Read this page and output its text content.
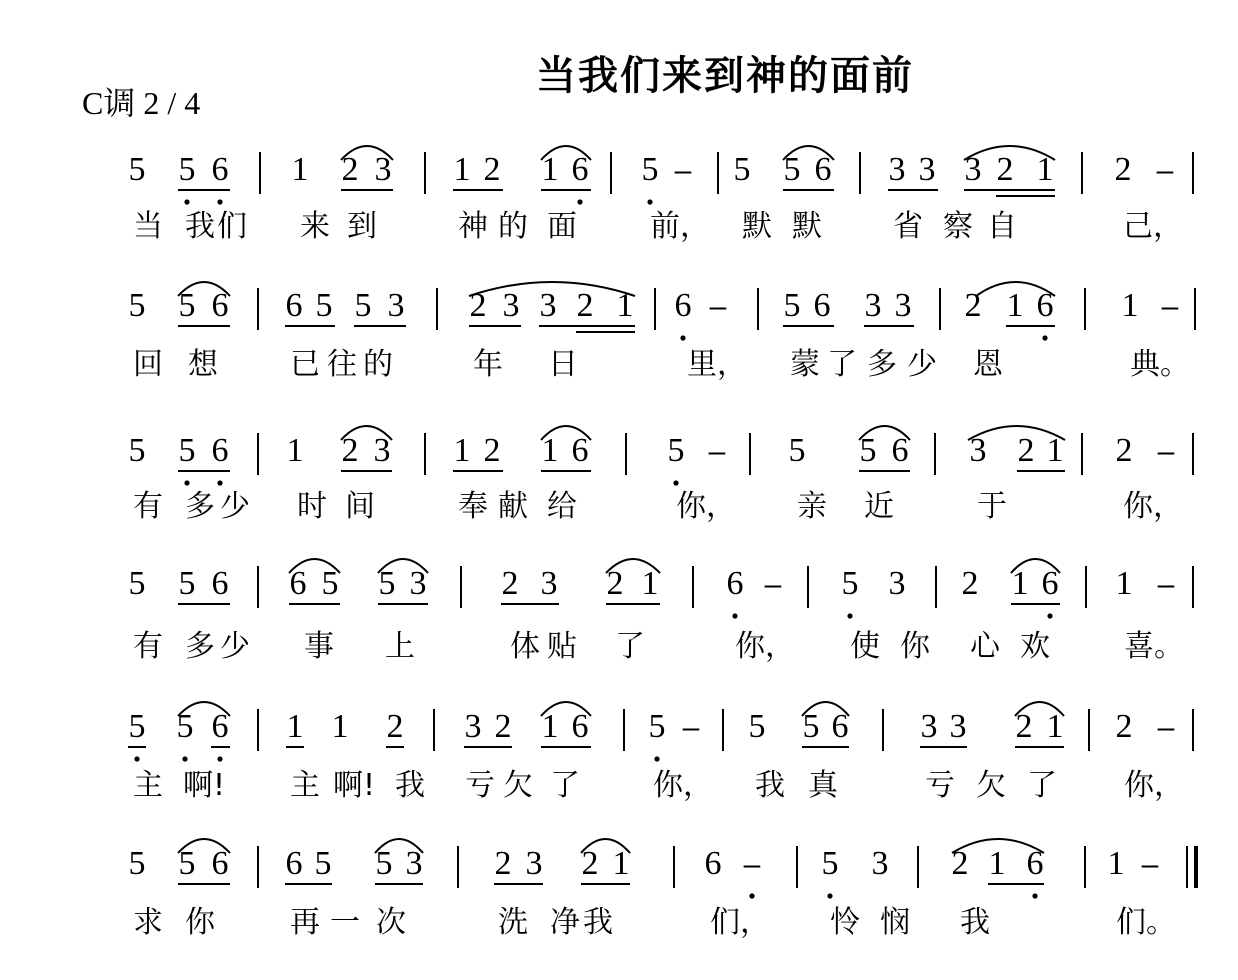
当我们来到神的面前
C调 2 / 4
5 5 6 1 2 3 1 2 1 6 5 – 5 5 6 3 3 3 2 1 2 –
当 我 们 来 到	神 的 面 前， 默 默 省 察 自	己，
5 5 6 6 5 5 3 2 3 3 2 1 6 – 5 6 3 3 2 1 6 1 –
回 想 已 往 的	年 日	里， 蒙 了 多 少 恩	典。
5 5 6 1 2 3 1 2 1 6 5 – 5 5 6 3 2 1 2 –
有 多 少 时 间	奉 献 给	你， 亲 近	于	你，
5 5 6 6 5 5 3 2 3 2 1 6 – 5 3 2 1 6 1 –
有 多 少 事 上	体 贴 了	你， 使 你 心 欢 喜。
5 5 6 1 1 2 3 2 1 6 5 – 5 5 6 3 3 2 1 2 –
主 啊! 主 啊! 我 亏 欠 了 你， 我 真	亏 欠 了 你，
5 5 6 6 5 5 3 2 3 2 1 6 – 5 3 2 1 6 1 –
求 你	再 一 次	洗 净 我	们， 怜 悯 我	们。
